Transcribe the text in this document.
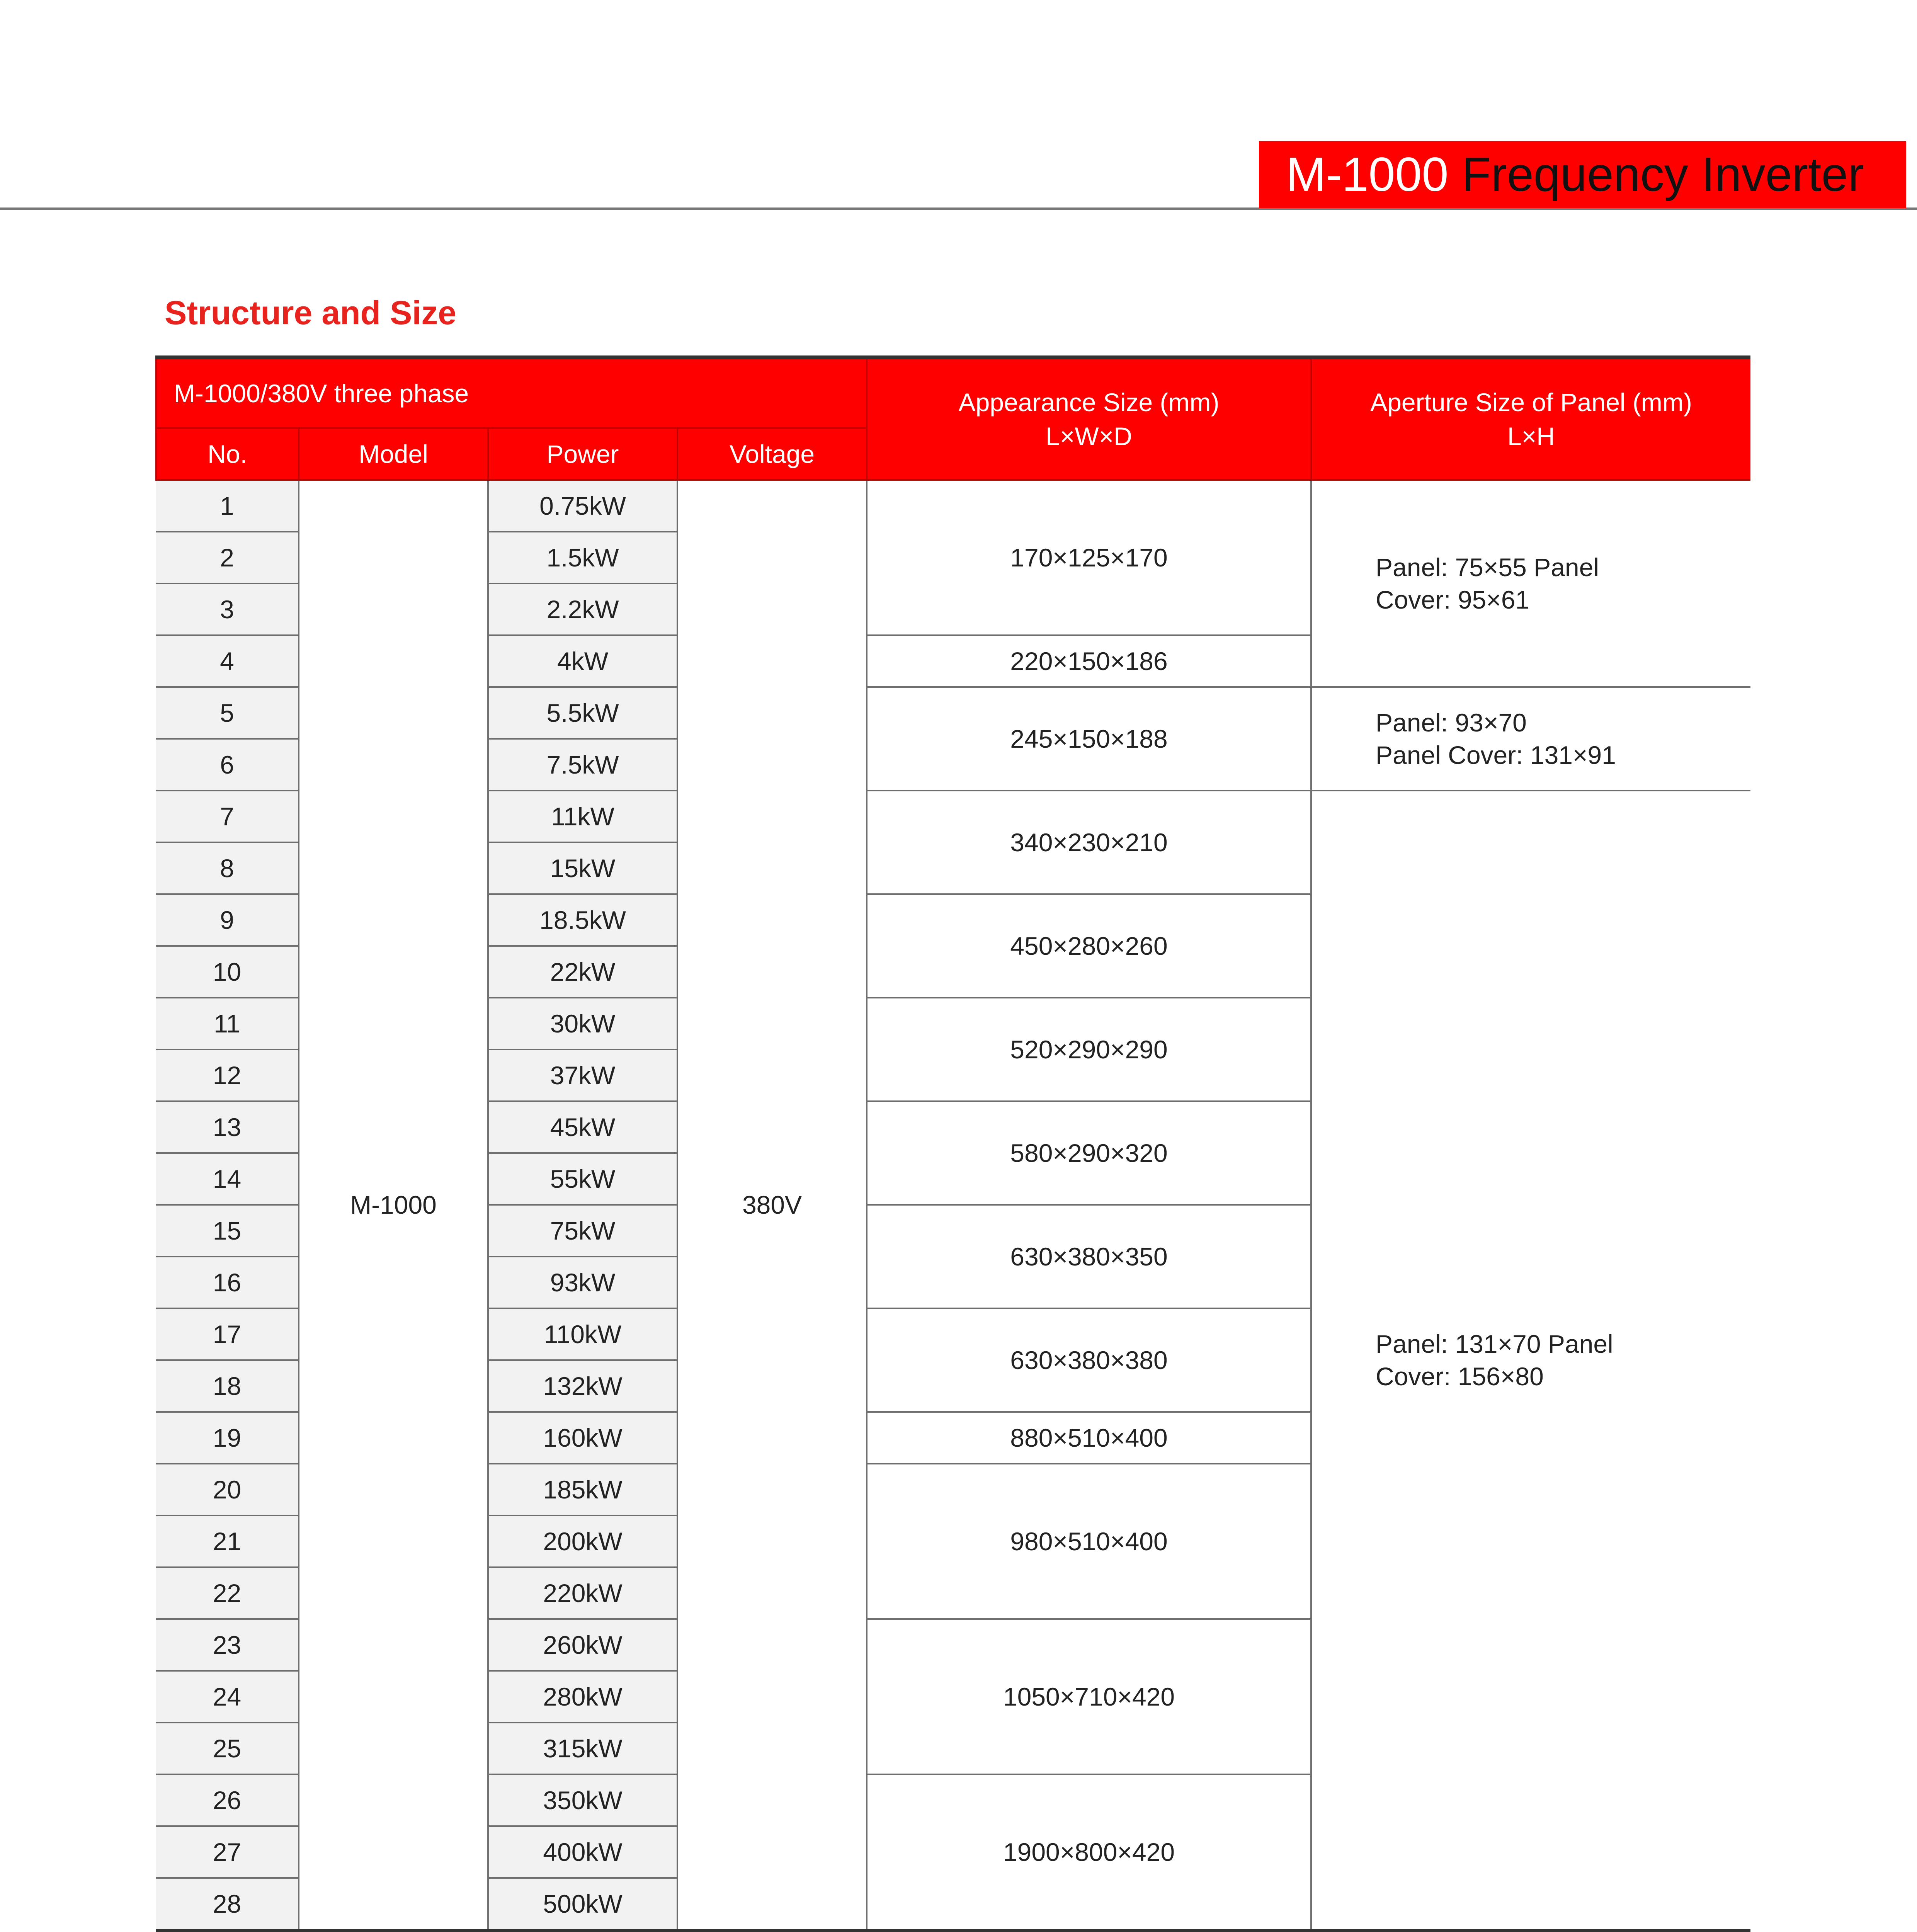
M-1000 Frequency Inverter
Structure and Size
M-1000/380V three phase				Appearance Size (mm)
L×W×D	Aperture Size of Panel (mm)
L×H

No.	Model	Power	Voltage		
1	M-1000	0.75kW	380V	170×125×170	Panel: 75×55 Panel
Cover: 95×61

2		1.5kW			
3		2.2kW			
4		4kW		220×150×186	
5		5.5kW		245×150×188	Panel: 93×70
Panel Cover: 131×91

6		7.5kW			
7		11kW		340×230×210	Panel: 131×70 Panel
Cover: 156×80

8		15kW			
9		18.5kW		450×280×260	
10		22kW			
11		30kW		520×290×290	
12		37kW			
13		45kW		580×290×320	
14		55kW			
15		75kW		630×380×350	
16		93kW			
17		110kW		630×380×380	
18		132kW			
19		160kW		880×510×400	
20		185kW		980×510×400	
21		200kW			
22		220kW			
23		260kW		1050×710×420	
24		280kW			
25		315kW			
26		350kW		1900×800×420	
27		400kW			
28		500kW			
